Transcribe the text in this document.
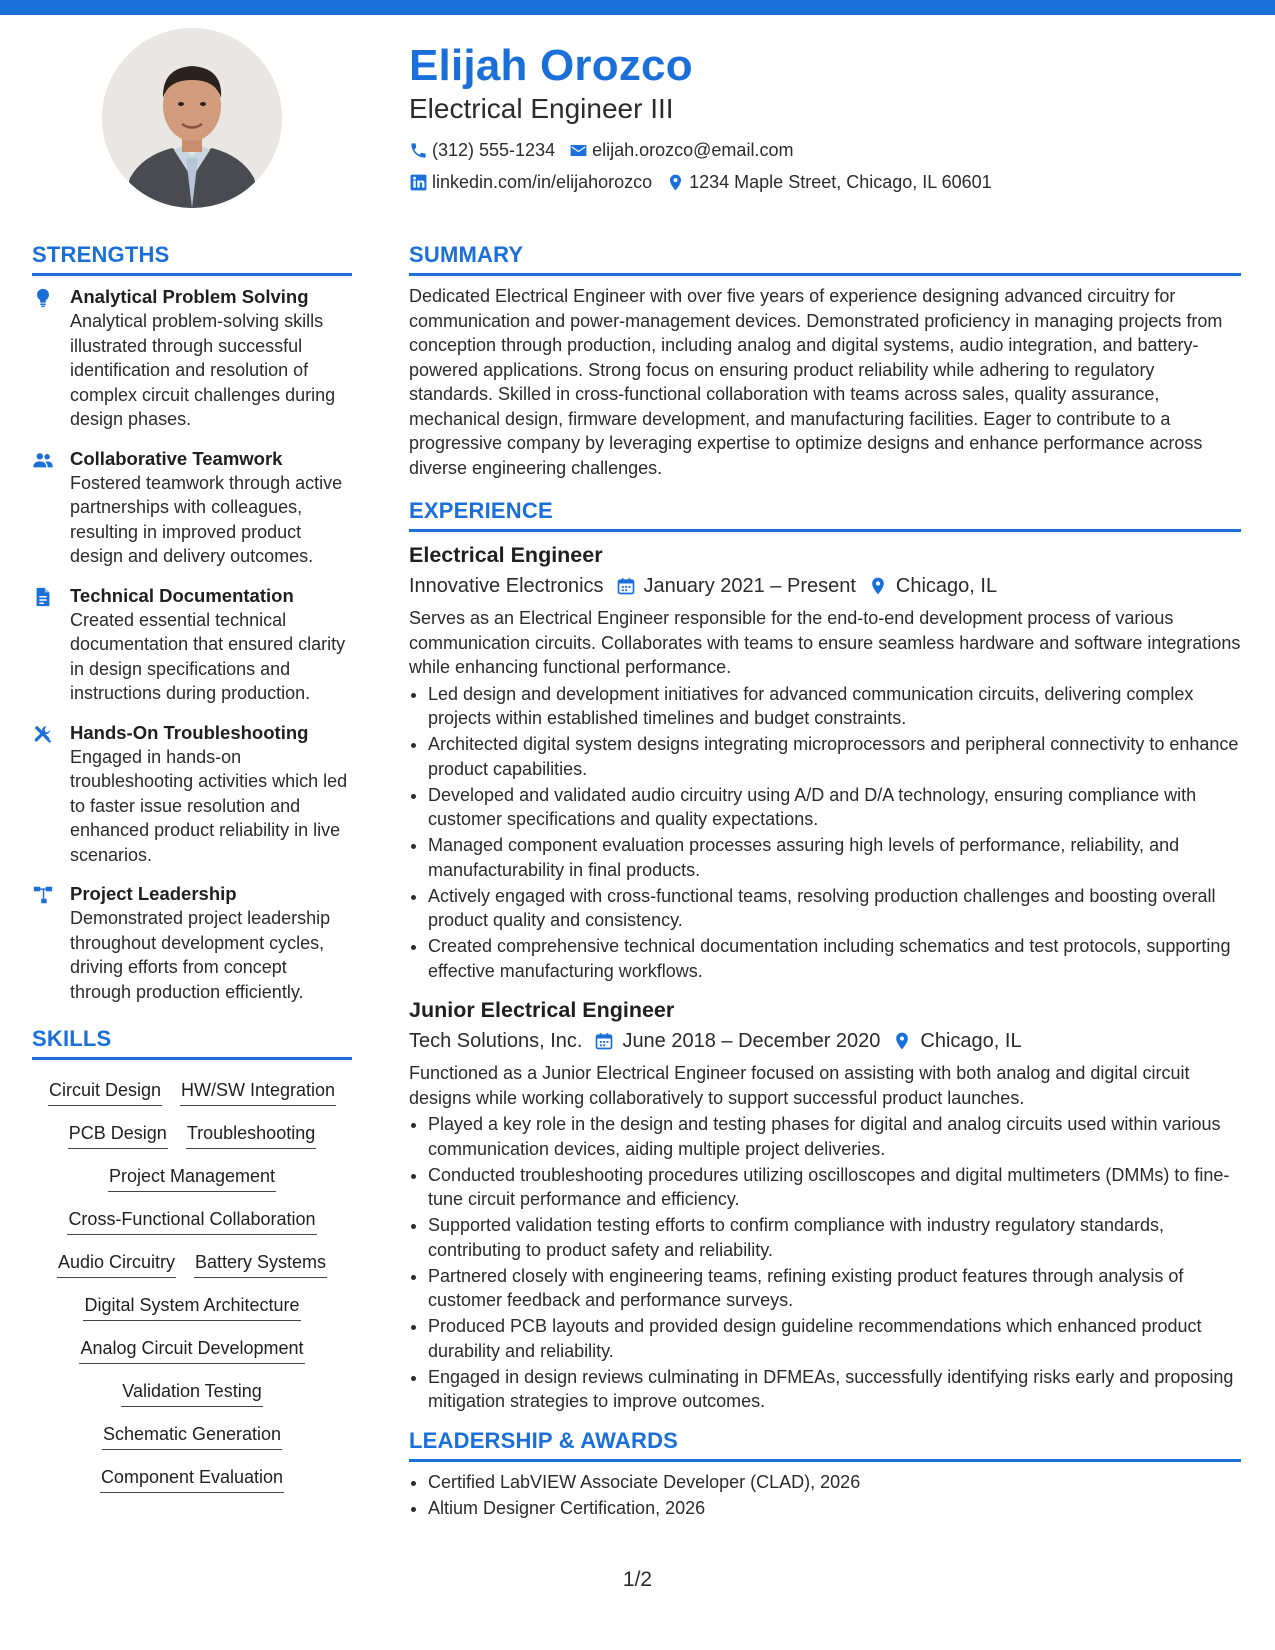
Elijah Orozco
Electrical Engineer III
(312) 555-1234 elijah.orozco@email.com
linkedin.com/in/elijahorozco 1234 Maple Street, Chicago, IL 60601
STRENGTHS
Analytical Problem Solving
Analytical problem-solving skills illustrated through successful identification and resolution of complex circuit challenges during design phases.
Collaborative Teamwork
Fostered teamwork through active partnerships with colleagues, resulting in improved product design and delivery outcomes.
Technical Documentation
Created essential technical documentation that ensured clarity in design specifications and instructions during production.
Hands-On Troubleshooting
Engaged in hands-on troubleshooting activities which led to faster issue resolution and enhanced product reliability in live scenarios.
Project Leadership
Demonstrated project leadership throughout development cycles, driving efforts from concept through production efficiently.
SKILLS
Circuit Design HW/SW Integration
PCB Design Troubleshooting
Project Management
Cross-Functional Collaboration
Audio Circuitry Battery Systems
Digital System Architecture
Analog Circuit Development
Validation Testing
Schematic Generation
Component Evaluation
SUMMARY

Dedicated Electrical Engineer with over five years of experience designing advanced circuitry for communication and power-management devices. Demonstrated proficiency in managing projects from conception through production, including analog and digital systems, audio integration, and battery-powered applications. Strong focus on ensuring product reliability while adhering to regulatory standards. Skilled in cross-functional collaboration with teams across sales, quality assurance, mechanical design, firmware development, and manufacturing facilities. Eager to contribute to a progressive company by leveraging expertise to optimize designs and enhance performance across diverse engineering challenges.

EXPERIENCE
Electrical Engineer
Innovative Electronics January 2021 – Present Chicago, IL

Serves as an Electrical Engineer responsible for the end-to-end development process of various communication circuits. Collaborates with teams to ensure seamless hardware and software integrations while enhancing functional performance.

• Led design and development initiatives for advanced communication circuits, delivering complex projects within established timelines and budget constraints.
• Architected digital system designs integrating microprocessors and peripheral connectivity to enhance product capabilities.
• Developed and validated audio circuitry using A/D and D/A technology, ensuring compliance with customer specifications and quality expectations.
• Managed component evaluation processes assuring high levels of performance, reliability, and manufacturability in final products.
• Actively engaged with cross-functional teams, resolving production challenges and boosting overall product quality and consistency.
• Created comprehensive technical documentation including schematics and test protocols, supporting effective manufacturing workflows.
Junior Electrical Engineer
Tech Solutions, Inc. June 2018 – December 2020 Chicago, IL

Functioned as a Junior Electrical Engineer focused on assisting with both analog and digital circuit designs while working collaboratively to support successful product launches.

• Played a key role in the design and testing phases for digital and analog circuits used within various communication devices, aiding multiple project deliveries.
• Conducted troubleshooting procedures utilizing oscilloscopes and digital multimeters (DMMs) to fine-tune circuit performance and efficiency.
• Supported validation testing efforts to confirm compliance with industry regulatory standards, contributing to product safety and reliability.
• Partnered closely with engineering teams, refining existing product features through analysis of customer feedback and performance surveys.
• Produced PCB layouts and provided design guideline recommendations which enhanced product durability and reliability.
• Engaged in design reviews culminating in DFMEAs, successfully identifying risks early and proposing mitigation strategies to improve outcomes.
LEADERSHIP & AWARDS
• Certified LabVIEW Associate Developer (CLAD), 2026
• Altium Designer Certification, 2026
1/2
